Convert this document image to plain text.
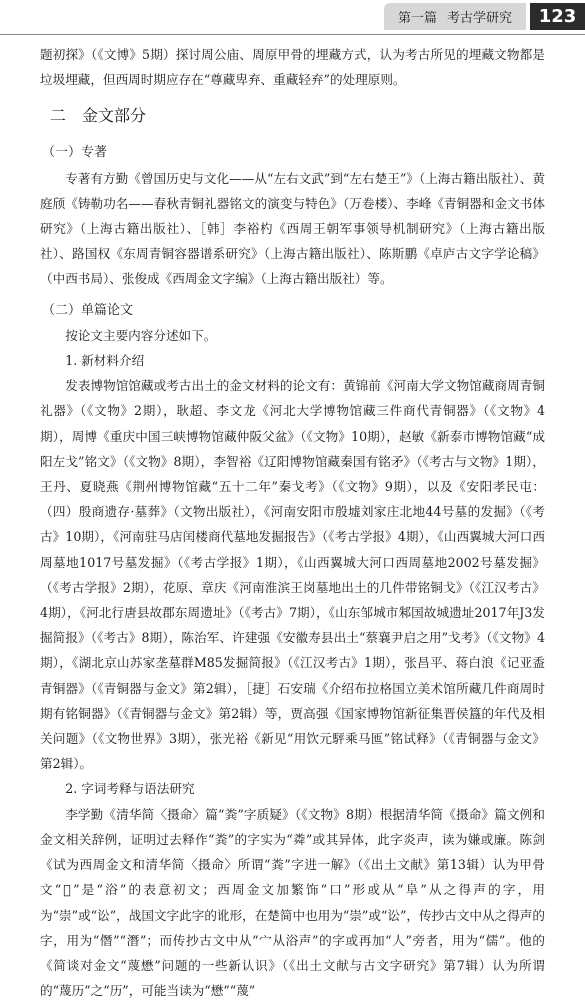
第一篇 考古学研究	123

题初探》（《文博》5期）探讨周公庙、周原甲骨的埋藏方式，认为考古所见的埋藏文物都是垃圾埋藏，但西周时期应存在“尊藏卑弃、重藏轻弃”的处理原则。

二　金文部分

（一）专著

专著有方勤《曾国历史与文化——从“左右文武”到“左右楚王”》（上海古籍出版社）、黄庭颀《铸勒功名——春秋青铜礼器铭文的演变与特色》（万卷楼）、李峰《青铜器和金文书体研究》（上海古籍出版社）、［韩］李裕杓《西周王朝军事领导机制研究》（上海古籍出版社）、路国权《东周青铜容器谱系研究》（上海古籍出版社）、陈斯鹏《卓庐古文字学论稿》（中西书局）、张俊成《西周金文字编》（上海古籍出版社）等。

（二）单篇论文

按论文主要内容分述如下。

1. 新材料介绍

发表博物馆馆藏或考古出土的金文材料的论文有：黄锦前《河南大学文物馆藏商周青铜礼器》（《文物》2期），耿超、李文龙《河北大学博物馆藏三件商代青铜器》（《文物》4期），周博《重庆中国三峡博物馆藏仲阪父盆》（《文物》10期），赵敏《新泰市博物馆藏“成阳左戈”铭文》（《文物》8期），李智裕《辽阳博物馆藏秦国有铭矛》（《考古与文物》1期），王丹、夏晓燕《荆州博物馆藏“五十二年”秦戈考》（《文物》9期），以及《安阳孝民屯：（四）殷商遗存·墓葬》（文物出版社），《河南安阳市殷墟刘家庄北地44号墓的发掘》（《考古》10期），《河南驻马店闰楼商代墓地发掘报告》（《考古学报》4期），《山西翼城大河口西周墓地1017号墓发掘》（《考古学报》1期），《山西翼城大河口西周墓地2002号墓发掘》（《考古学报》2期），花原、章庆《河南淮滨王岗墓地出土的几件带铭铜戈》（《江汉考古》4期），《河北行唐县故郡东周遗址》（《考古》7期），《山东邹城市邾国故城遗址2017年J3发掘简报》（《考古》8期），陈治军、许建强《安徽寿县出土“蔡襄尹启之用”戈考》（《文物》4期），《湖北京山苏家垄墓群M85发掘简报》（《江汉考古》1期），张昌平、蒋白浪《记亚盉青铜器》（《青铜器与金文》第2辑），［捷］石安瑞《介绍布拉格国立美术馆所藏几件商周时期有铭铜器》（《青铜器与金文》第2辑）等，贾高强《国家博物馆新征集晋侯簋的年代及相关问题》（《文物世界》3期），张光裕《新见“用饮元駍乘马匜”铭试释》（《青铜器与金文》第2辑）。

2. 字词考释与语法研究

李学勤《清华简〈摄命〉篇“粪”字质疑》（《文物》8期）根据清华简《摄命》篇文例和金文相关辞例，证明过去释作“粪”的字实为“粦”或其异体，此字炎声，读为嫌或廉。陈剑《试为西周金文和清华简〈摄命〉所谓“粪”字进一解》（《出土文献》第13辑）认为甲骨文“𣲧”是“浴”的表意初文；西周金文加繁饰“口”形或从“阜”从之得声的字，用为“崇”或“讼”，战国文字此字的讹形，在楚简中也用为“崇”或“讼”，传抄古文中从之得声的字，用为“僭”“潛”；而传抄古文中从“宀从浴声”的字或再加“人”旁者，用为“儒”。他的《简谈对金文“蔑懋”问题的一些新认识》（《出土文献与古文字研究》第7辑）认为所谓的“蔑历”之“历”，可能当读为“懋”“蔑”
